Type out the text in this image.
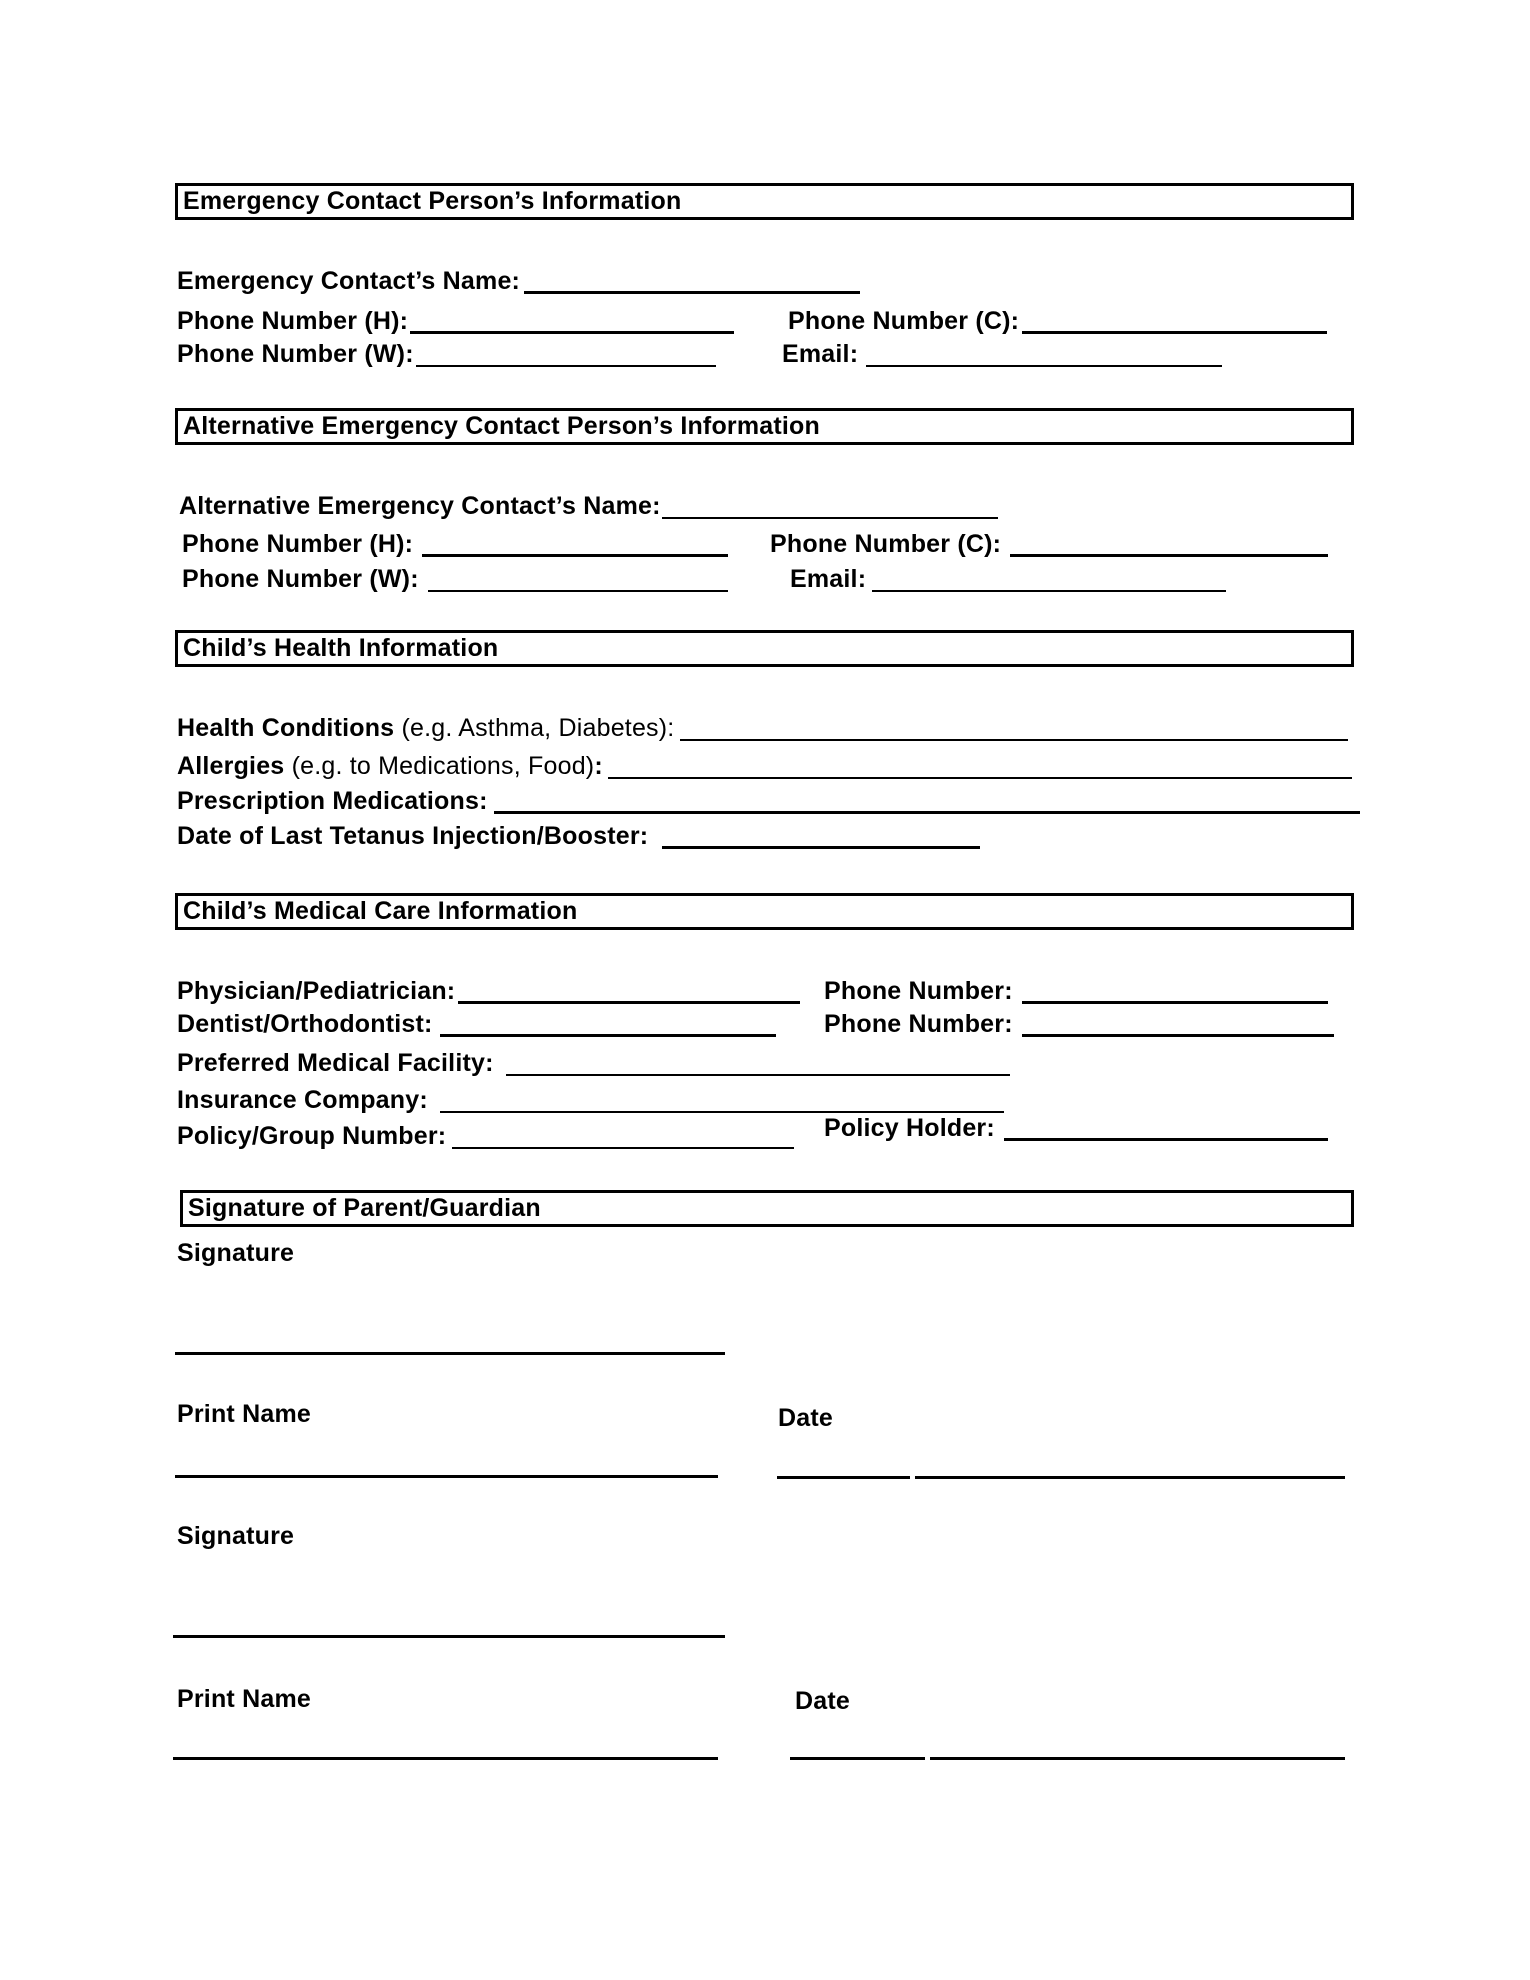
Emergency Contact Person’s Information
Emergency Contact’s Name:
Phone Number (H):	Phone Number (C):
Phone Number (W):	Email:
Alternative Emergency Contact Person’s Information
Alternative Emergency Contact’s Name:
Phone Number (H):	Phone Number (C):
Phone Number (W):	Email:
Child’s Health Information
Health Conditions (e.g. Asthma, Diabetes):
Allergies (e.g. to Medications, Food):
Prescription Medications:
Date of Last Tetanus Injection/Booster:
Child’s Medical Care Information
Physician/Pediatrician:	Phone Number:
Dentist/Orthodontist:	Phone Number:
Preferred Medical Facility:
Insurance Company:
Policy/Group Number:	Policy Holder:
Signature of Parent/Guardian
Signature
Print Name	Date
Signature
Print Name	Date
